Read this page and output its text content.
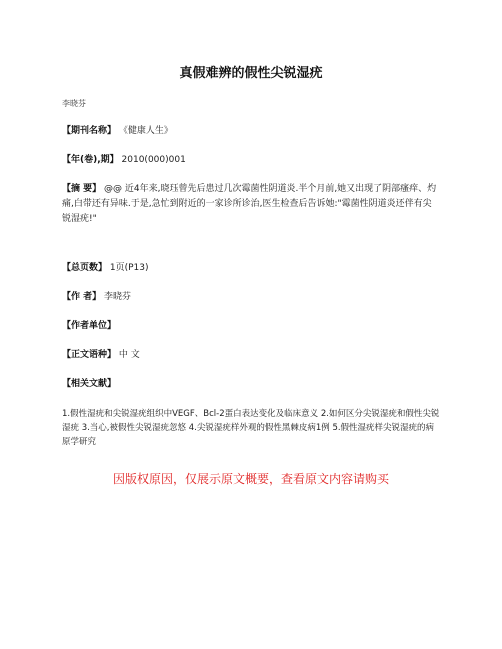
真假难辨的假性尖锐湿疣
李晓芬
【期刊名称】 《健康人生》
【年(卷),期】 2010(000)001
【摘 要】 @@ 近4年来,晓珏曾先后患过几次霉菌性阴道炎.半个月前,她又出现了阴部瘙痒、灼痛,白带还有异味.于是,急忙到附近的一家诊所诊治,医生检查后告诉她:"霉菌性阴道炎还伴有尖锐湿疣!"
【总页数】 1页(P13)
【作 者】 李晓芬
【作者单位】
【正文语种】 中 文
【相关文献】
1.假性湿疣和尖锐湿疣组织中VEGF、Bcl-2蛋白表达变化及临床意义 2.如何区分尖锐湿疣和假性尖锐湿疣 3.当心,被假性尖锐湿疣忽悠 4.尖锐湿疣样外观的假性黑棘皮病1例 5.假性湿疣样尖锐湿疣的病原学研究
因版权原因，仅展示原文概要，查看原文内容请购买
